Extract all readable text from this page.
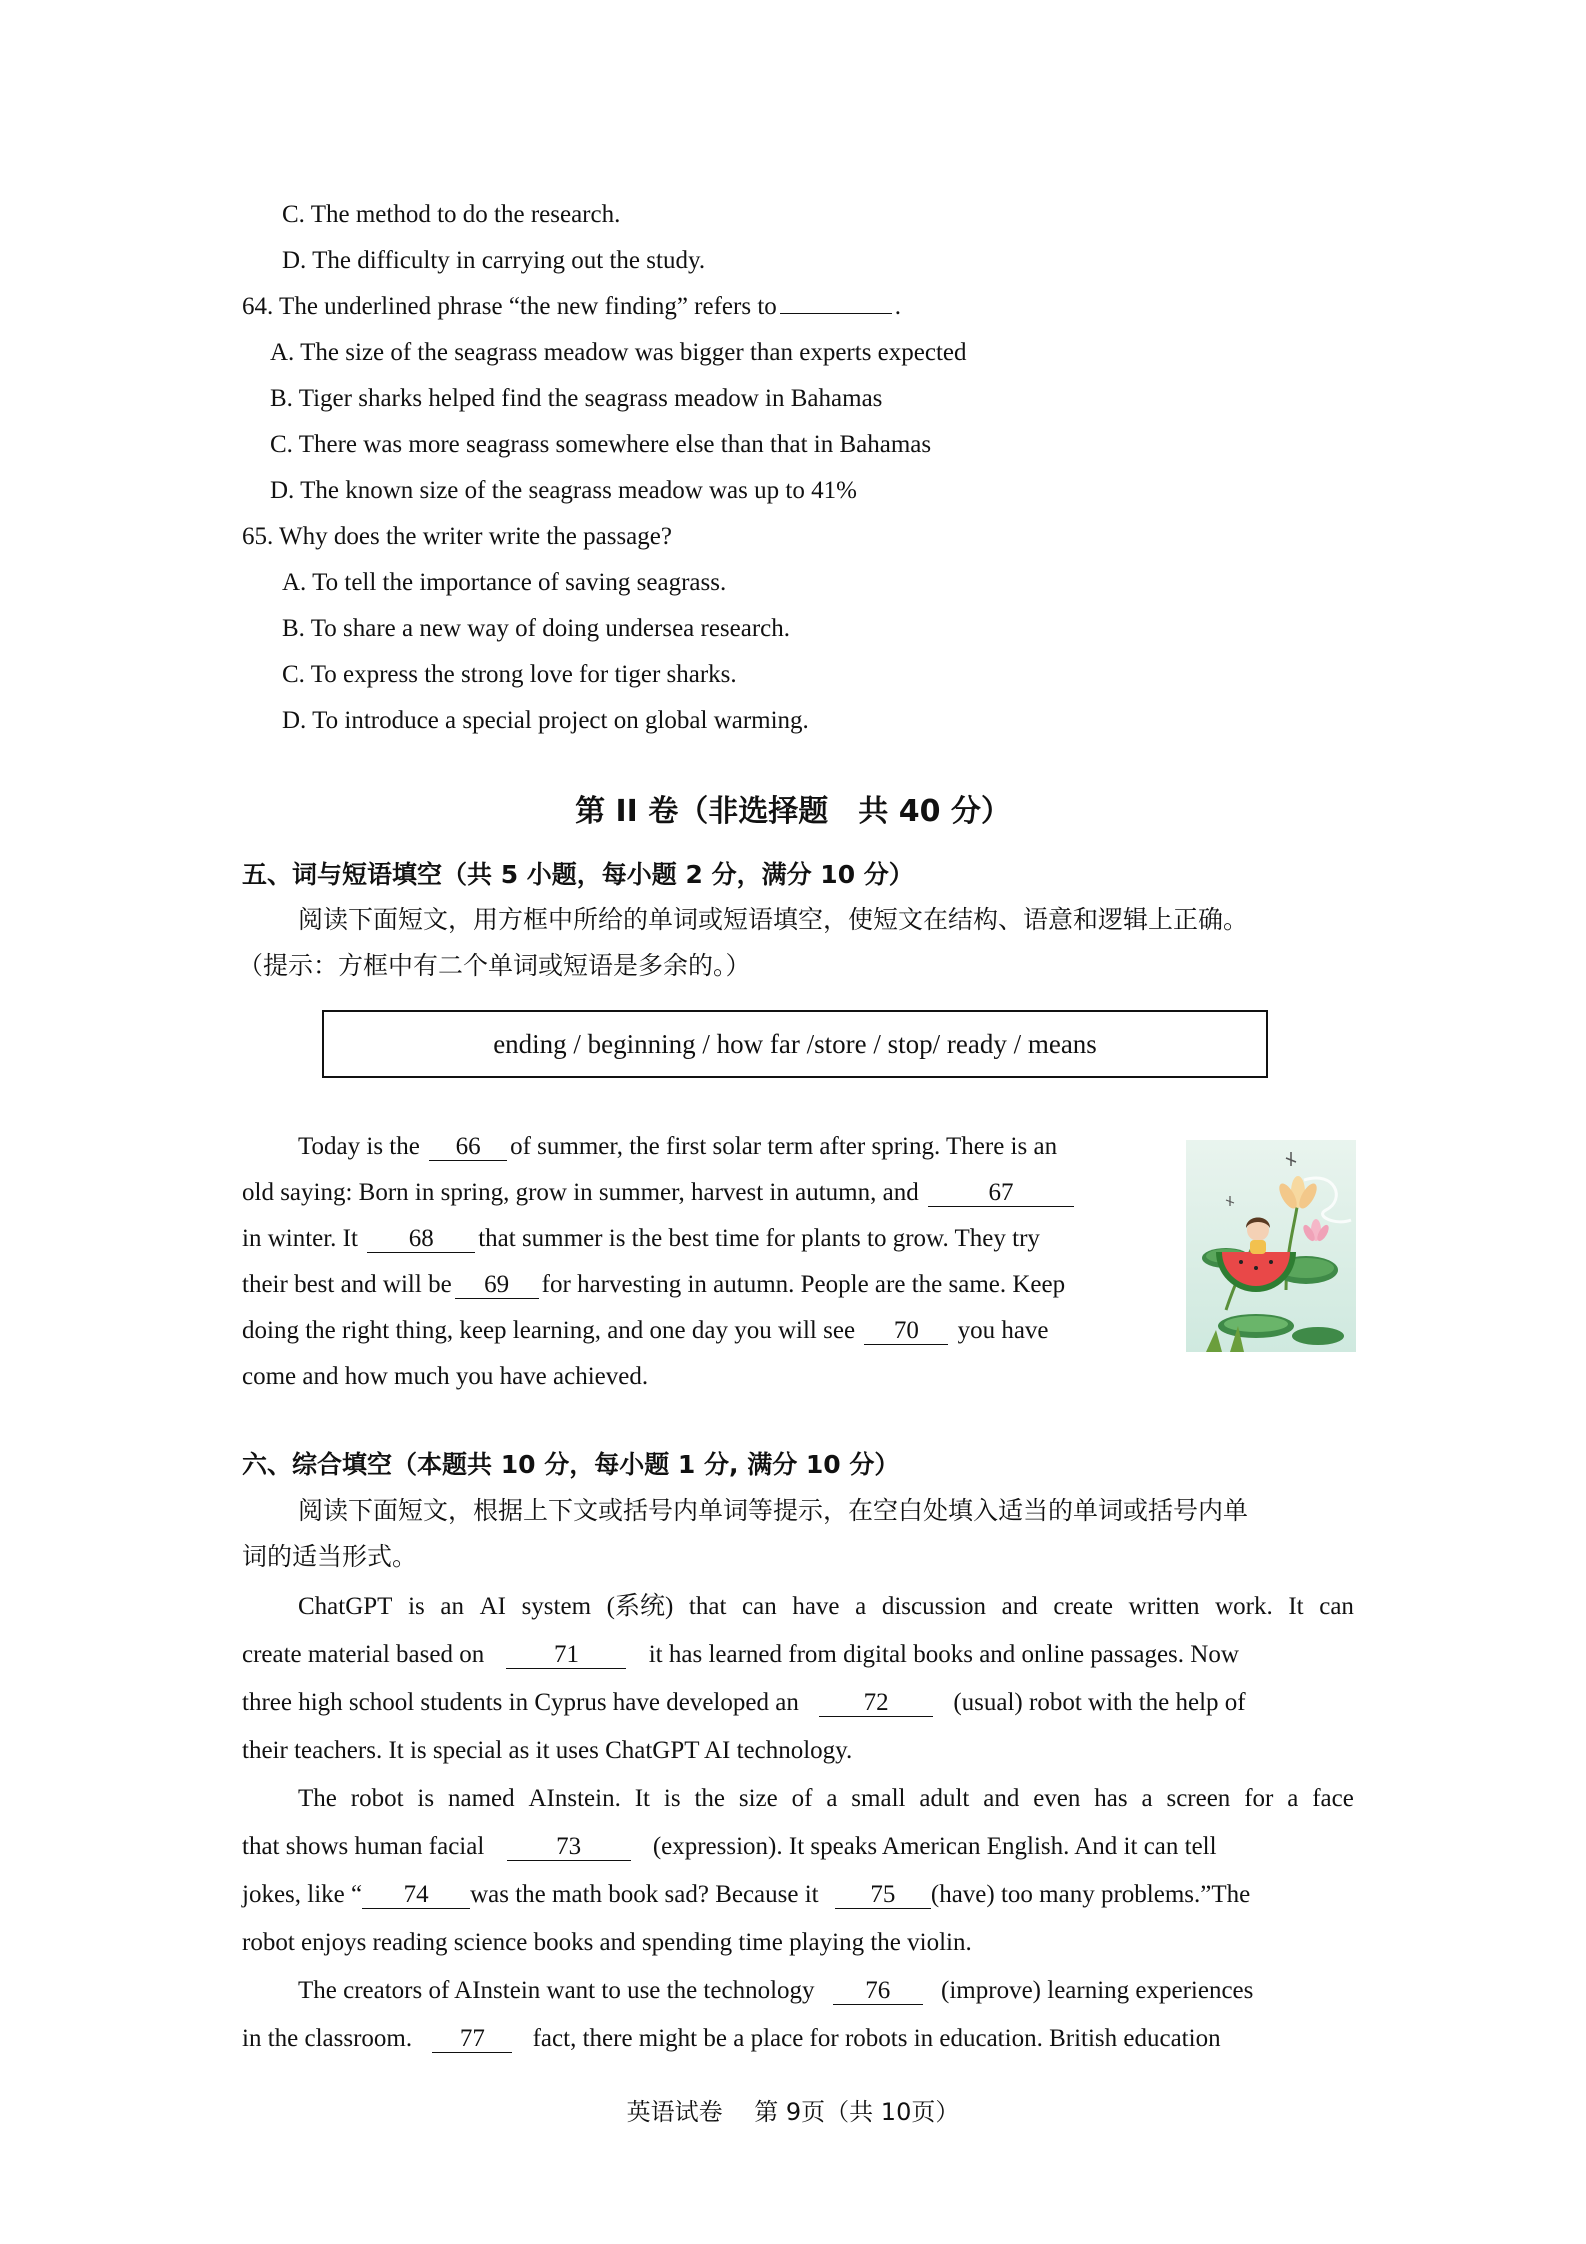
C. The method to do the research.
D. The difficulty in carrying out the study.
64. The underlined phrase “the new finding” refers to	.
A. The size of the seagrass meadow was bigger than experts expected
B. Tiger sharks helped find the seagrass meadow in Bahamas
C. There was more seagrass somewhere else than that in Bahamas
D. The known size of the seagrass meadow was up to 41%
65. Why does the writer write the passage?
A. To tell the importance of saving seagrass.
B. To share a new way of doing undersea research.
C. To express the strong love for tiger sharks.
D. To introduce a special project on global warming.
第 II 卷（非选择题　共 40 分）
五、词与短语填空（共 5 小题，每小题 2 分，满分 10 分）
阅读下面短文，用方框中所给的单词或短语填空，使短文在结构、语意和逻辑上正确。
（提示：方框中有二个单词或短语是多余的。）
ending / beginning / how far /store / stop/ ready / means
Today is the 66 of summer, the first solar term after spring. There is an
old saying: Born in spring, grow in summer, harvest in autumn, and	67
in winter. It 68 that summer is the best time for plants to grow. They try
their best and will be 69 for harvesting in autumn. People are the same. Keep
doing the right thing, keep learning, and one day you will see 70 you have
come and how much you have achieved.
六、综合填空（本题共 10 分，每小题 1 分, 满分 10 分）
阅读下面短文，根据上下文或括号内单词等提示，在空白处填入适当的单词或括号内单
词的适当形式。
ChatGPT is an AI system (系统) that can have a discussion and create written work. It can
create material based on	71	it has learned from digital books and online passages. Now
three high school students in Cyprus have developed an	72	(usual) robot with the help of
their teachers. It is special as it uses ChatGPT AI technology.
The robot is named AInstein. It is the size of a small adult and even has a screen for a face
that shows human facial	73	(expression). It speaks American English. And it can tell
jokes, like “ 74 was the math book sad? Because it 75 (have) too many problems.”The
robot enjoys reading science books and spending time playing the violin.
The creators of AInstein want to use the technology 76 (improve) learning experiences
in the classroom. 77 fact, there might be a place for robots in education. British education
英语试卷　 第 9页（共 10页）
